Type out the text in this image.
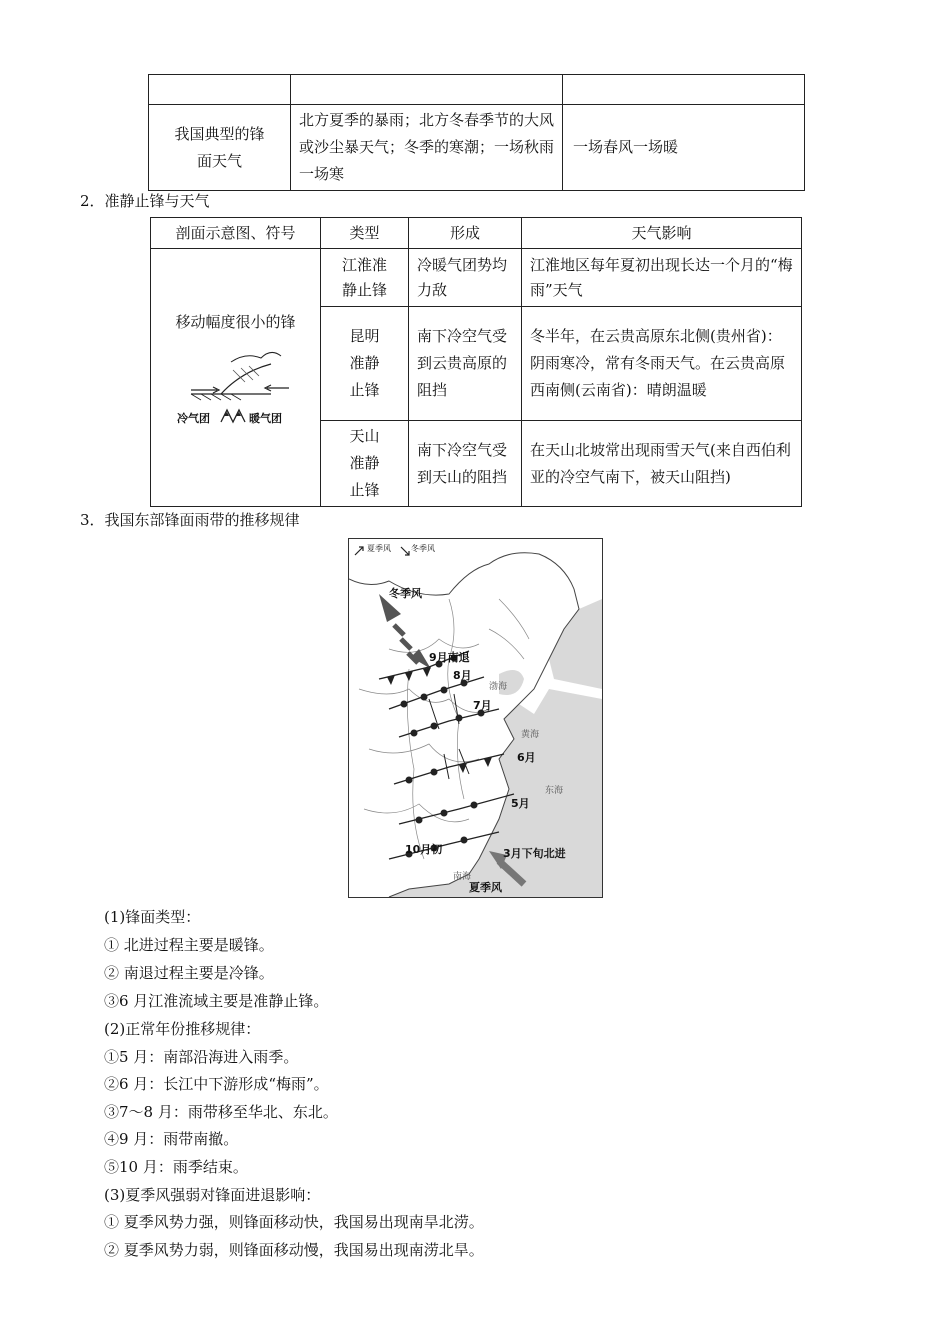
我国典型的锋面天气	北方夏季的暴雨；北方冬春季节的大风或沙尘暴天气；冬季的寒潮；一场秋雨一场寒	一场春风一场暖
2．准静止锋与天气
剖面示意图、符号	类型	形成	天气影响

移动幅度很小的锋
冷气团 暖气团	江淮准静止锋	冷暖气团势均力敌	江淮地区每年夏初出现长达一个月的“梅雨”天气
	昆明准静止锋	南下冷空气受到云贵高原的阻挡	冬半年，在云贵高原东北侧(贵州省)：阴雨寒冷，常有冬雨天气。在云贵高原西南侧(云南省)：晴朗温暖
	天山准静止锋	南下冷空气受到天山的阻挡	在天山北坡常出现雨雪天气(来自西伯利亚的冷空气南下，被天山阻挡)
3．我国东部锋面雨带的推移规律
夏季风	冬季风
冬季风
9月南退
8月
7月
6月
5月
10月初	3月下旬北进
渤海
黄海
东海
南海
夏季风
(1)锋面类型：
① 北进过程主要是暖锋。
② 南退过程主要是冷锋。
③6 月江淮流域主要是准静止锋。
(2)正常年份推移规律：
①5 月：南部沿海进入雨季。
②6 月：长江中下游形成“梅雨”。
③7～8 月：雨带移至华北、东北。
④9 月：雨带南撤。
⑤10 月：雨季结束。
(3)夏季风强弱对锋面进退影响：
① 夏季风势力强，则锋面移动快，我国易出现南旱北涝。
② 夏季风势力弱，则锋面移动慢，我国易出现南涝北旱。
